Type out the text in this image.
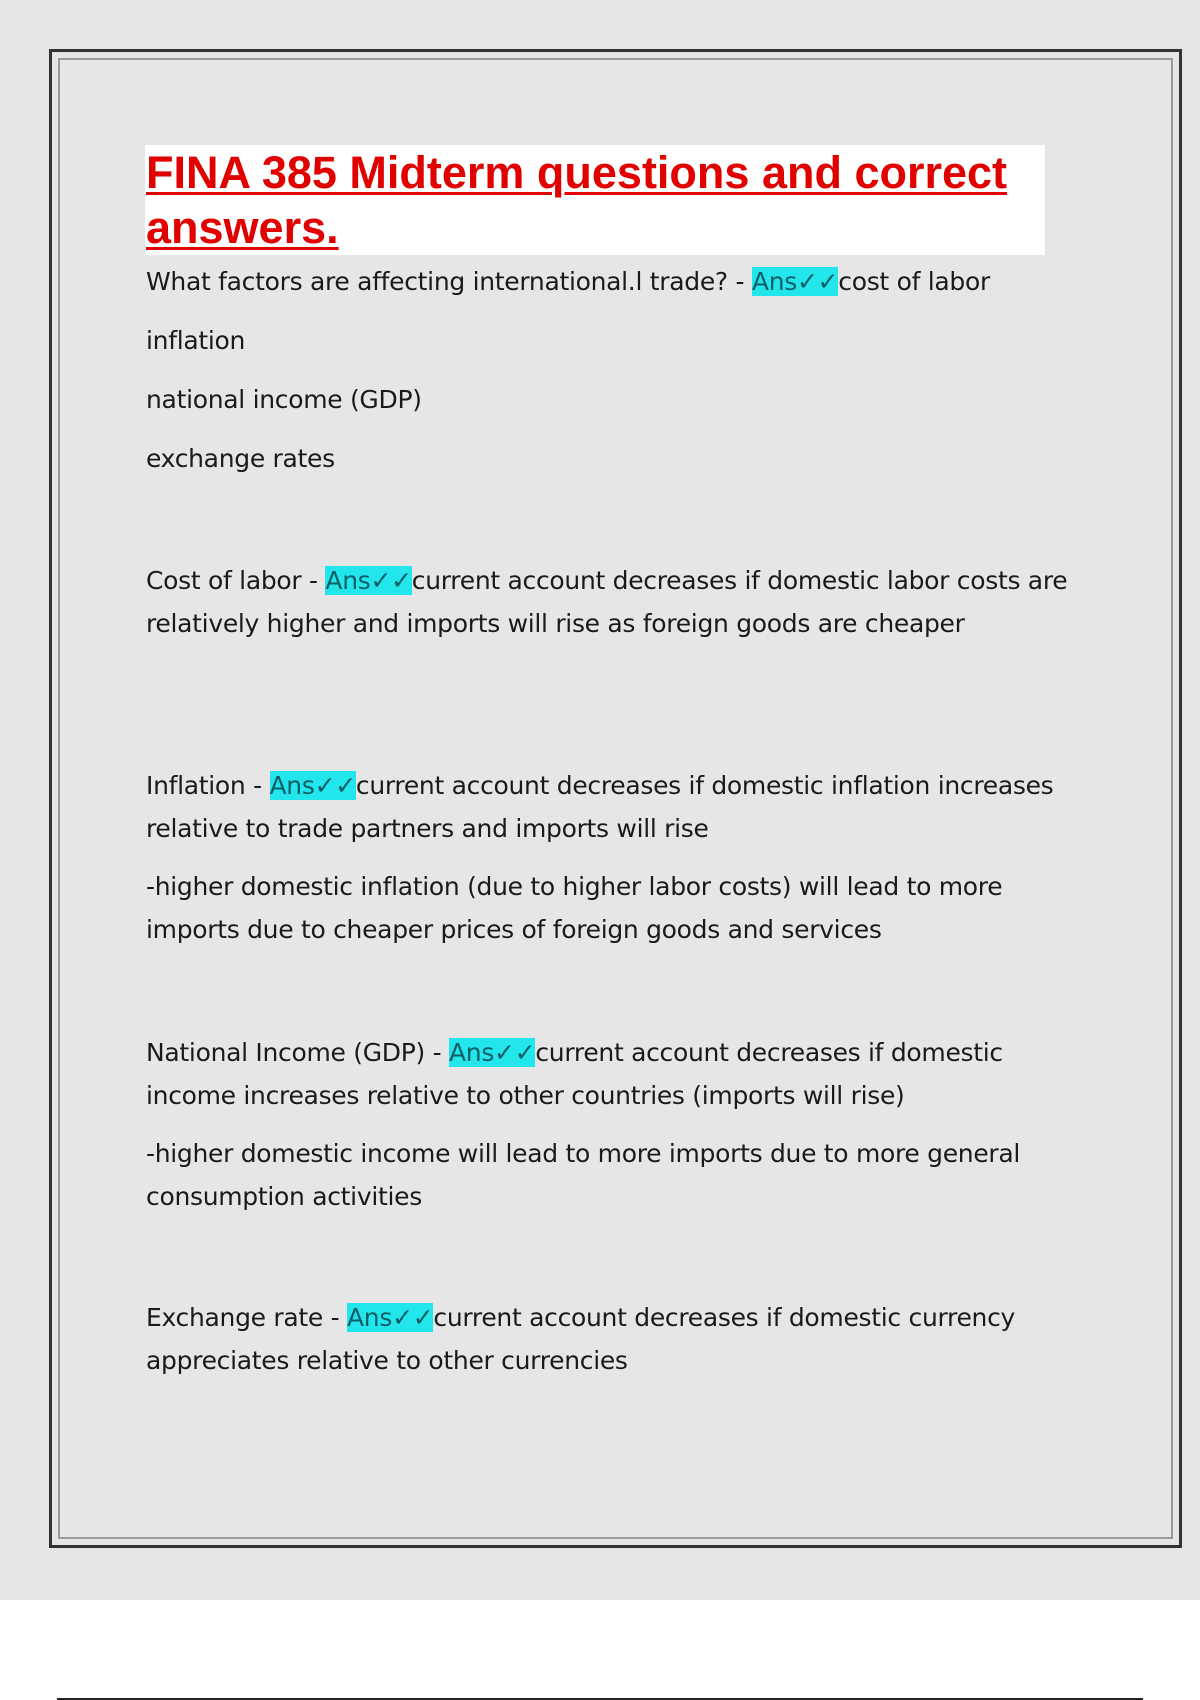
FINA 385 Midterm questions and correct answers.

What factors are affecting international.l trade? - Ans✓✓cost of labor

inflation

national income (GDP)

exchange rates

Cost of labor - Ans✓✓current account decreases if domestic labor costs are relatively higher and imports will rise as foreign goods are cheaper

Inflation - Ans✓✓current account decreases if domestic inflation increases relative to trade partners and imports will rise

-higher domestic inflation (due to higher labor costs) will lead to more imports due to cheaper prices of foreign goods and services

National Income (GDP) - Ans✓✓current account decreases if domestic income increases relative to other countries (imports will rise)

-higher domestic income will lead to more imports due to more general consumption activities

Exchange rate - Ans✓✓current account decreases if domestic currency appreciates relative to other currencies
